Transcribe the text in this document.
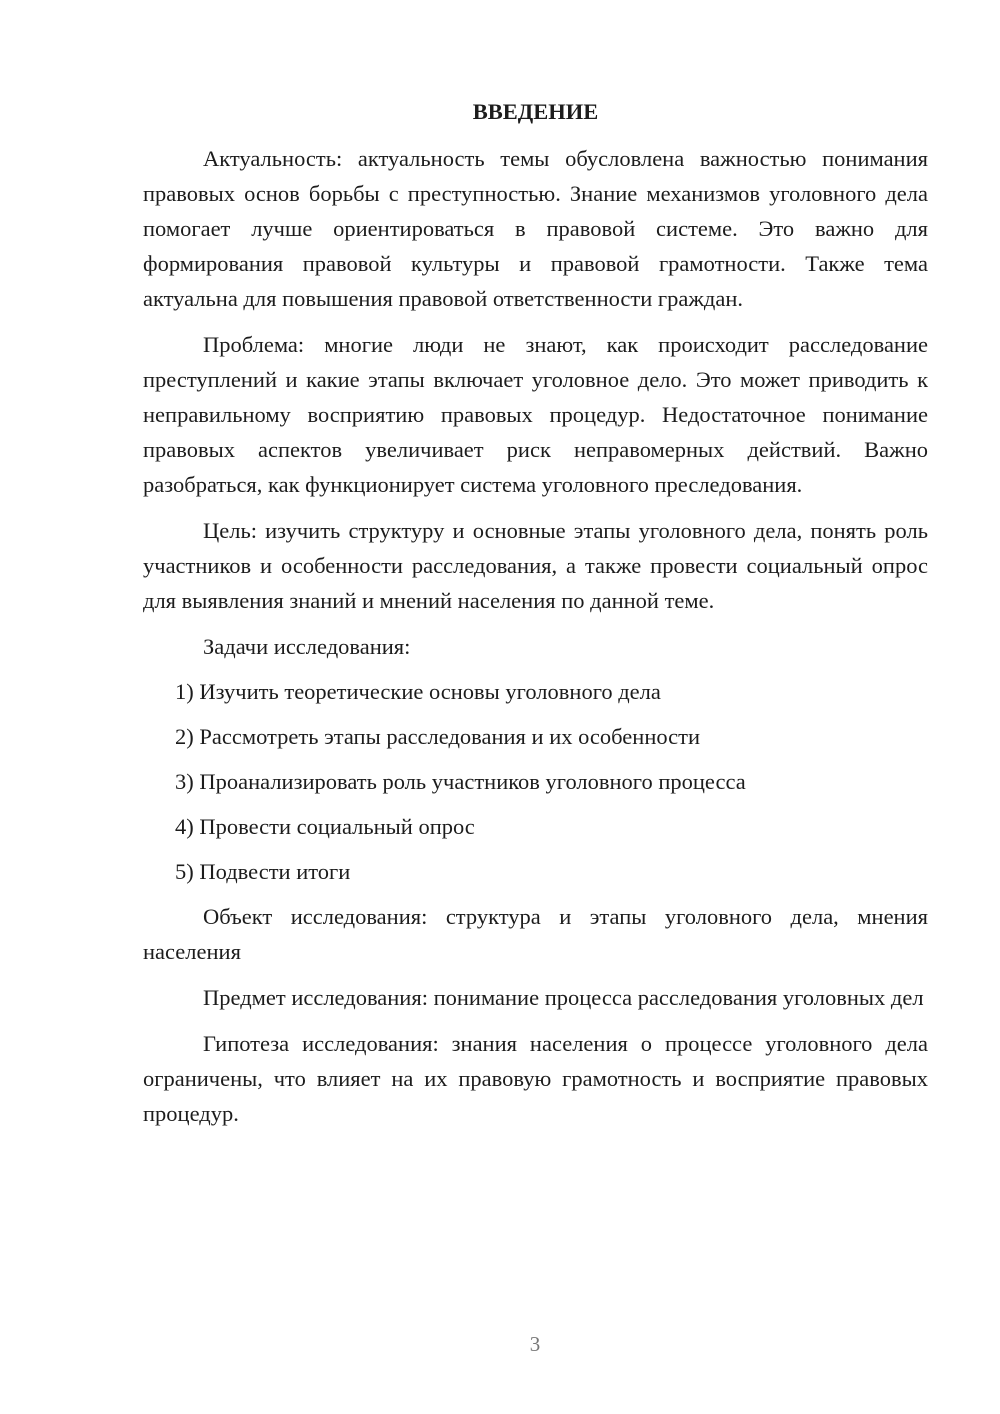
ВВЕДЕНИЕ

Актуальность: актуальность темы обусловлена важностью понимания правовых основ борьбы с преступностью. Знание механизмов уголовного дела помогает лучше ориентироваться в правовой системе. Это важно для формирования правовой культуры и правовой грамотности. Также тема актуальна для повышения правовой ответственности граждан.

Проблема: многие люди не знают, как происходит расследование преступлений и какие этапы включает уголовное дело. Это может приводить к неправильному восприятию правовых процедур. Недостаточное понимание правовых аспектов увеличивает риск неправомерных действий. Важно разобраться, как функционирует система уголовного преследования.

Цель: изучить структуру и основные этапы уголовного дела, понять роль участников и особенности расследования, а также провести социальный опрос для выявления знаний и мнений населения по данной теме.

Задачи исследования:

1) Изучить теоретические основы уголовного дела
2) Рассмотреть этапы расследования и их особенности
3) Проанализировать роль участников уголовного процесса
4) Провести социальный опрос
5) Подвести итоги

Объект исследования: структура и этапы уголовного дела, мнения населения

Предмет исследования: понимание процесса расследования уголовных дел

Гипотеза исследования: знания населения о процессе уголовного дела ограничены, что влияет на их правовую грамотность и восприятие правовых процедур.

3
